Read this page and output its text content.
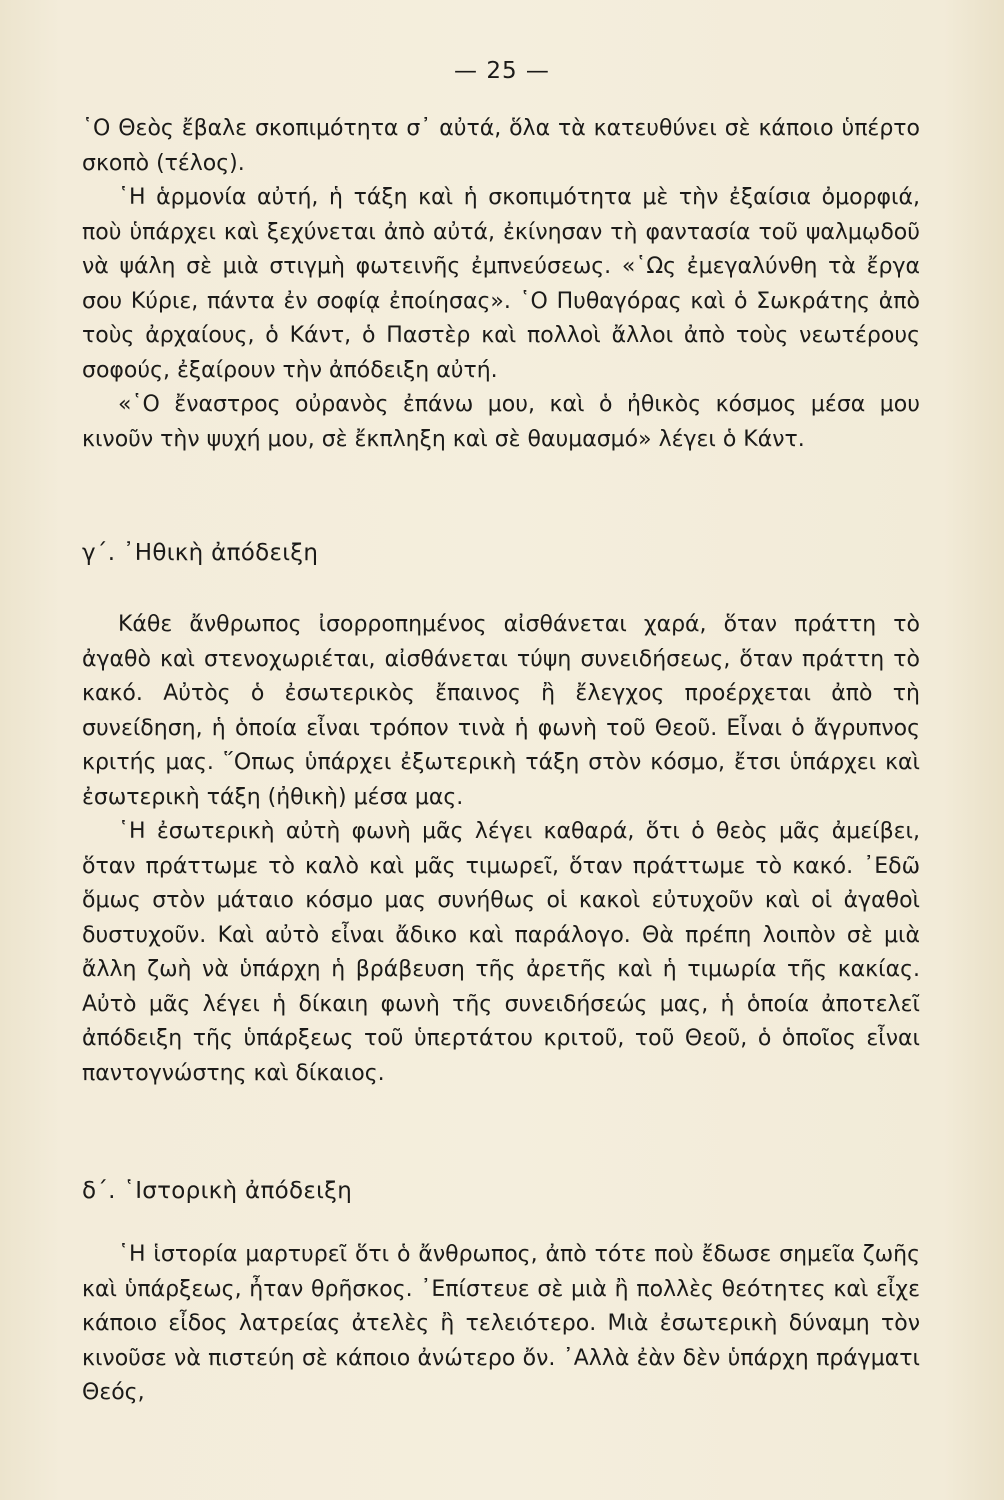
— 25 —

῾Ο Θεὸς ἔβαλε σκοπιμότητα σ᾽ αὐτά, ὅλα τὰ κατευθύνει σὲ κάποιο ὑπέρτο σκοπὸ (τέλος).

῾Η ἁρμονία αὐτή, ἡ τάξη καὶ ἡ σκοπιμότητα μὲ τὴν ἐξαίσια ὀμορφιά, ποὺ ὑπάρχει καὶ ξεχύνεται ἀπὸ αὐτά, ἐκίνησαν τὴ φαντασία τοῦ ψαλμῳδοῦ νὰ ψάλη σὲ μιὰ στιγμὴ φωτεινῆς ἐμπνεύσεως. «῾Ως ἐμεγαλύνθη τὰ ἔργα σου Κύριε, πάντα ἐν σοφίᾳ ἐποίησας». ῾Ο Πυθαγόρας καὶ ὁ Σωκράτης ἀπὸ τοὺς ἀρχαίους, ὁ Κάντ, ὁ Παστὲρ καὶ πολλοὶ ἄλλοι ἀπὸ τοὺς νεωτέρους σοφούς, ἐξαίρουν τὴν ἀπόδειξη αὐτή.

«῾Ο ἔναστρος οὐρανὸς ἐπάνω μου, καὶ ὁ ἠθικὸς κόσμος μέσα μου κινοῦν τὴν ψυχή μου, σὲ ἔκπληξη καὶ σὲ θαυμασμό» λέγει ὁ Κάντ.

γ΄. ᾿Ηθικὴ ἀπόδειξη

Κάθε ἄνθρωπος ἰσορροπημένος αἰσθάνεται χαρά, ὅταν πράττη τὸ ἀγαθὸ καὶ στενοχωριέται, αἰσθάνεται τύψη συνειδήσεως, ὅταν πράττη τὸ κακό. Αὐτὸς ὁ ἐσωτερικὸς ἔπαινος ἢ ἔλεγχος προέρχεται ἀπὸ τὴ συνείδηση, ἡ ὁποία εἶναι τρόπον τινὰ ἡ φωνὴ τοῦ Θεοῦ. Εἶναι ὁ ἄγρυπνος κριτής μας. ῞Οπως ὑπάρχει ἐξωτερικὴ τάξη στὸν κόσμο, ἔτσι ὑπάρχει καὶ ἐσωτερικὴ τάξη (ἠθικὴ) μέσα μας.

῾Η ἐσωτερικὴ αὐτὴ φωνὴ μᾶς λέγει καθαρά, ὅτι ὁ θεὸς μᾶς ἀμείβει, ὅταν πράττωμε τὸ καλὸ καὶ μᾶς τιμωρεῖ, ὅταν πράττωμε τὸ κακό. ᾿Εδῶ ὅμως στὸν μάταιο κόσμο μας συνήθως οἱ κακοὶ εὐτυχοῦν καὶ οἱ ἀγαθοὶ δυστυχοῦν. Καὶ αὐτὸ εἶναι ἄδικο καὶ παράλογο. Θὰ πρέπη λοιπὸν σὲ μιὰ ἄλλη ζωὴ νὰ ὑπάρχη ἡ βράβευση τῆς ἀρετῆς καὶ ἡ τιμωρία τῆς κακίας. Αὐτὸ μᾶς λέγει ἡ δίκαιη φωνὴ τῆς συνειδήσεώς μας, ἡ ὁποία ἀποτελεῖ ἀπόδειξη τῆς ὑπάρξεως τοῦ ὑπερτάτου κριτοῦ, τοῦ Θεοῦ, ὁ ὁποῖος εἶναι παντογνώστης καὶ δίκαιος.

δ΄. ῾Ιστορικὴ ἀπόδειξη

῾Η ἱστορία μαρτυρεῖ ὅτι ὁ ἄνθρωπος, ἀπὸ τότε ποὺ ἔδωσε σημεῖα ζωῆς καὶ ὑπάρξεως, ἦταν θρῆσκος. ᾿Επίστευε σὲ μιὰ ἢ πολλὲς θεότητες καὶ εἶχε κάποιο εἶδος λατρείας ἀτελὲς ἢ τελειότερο. Μιὰ ἐσωτερικὴ δύναμη τὸν κινοῦσε νὰ πιστεύη σὲ κάποιο ἀνώτερο ὄν. ᾿Αλλὰ ἐὰν δὲν ὑπάρχη πράγματι Θεός,
